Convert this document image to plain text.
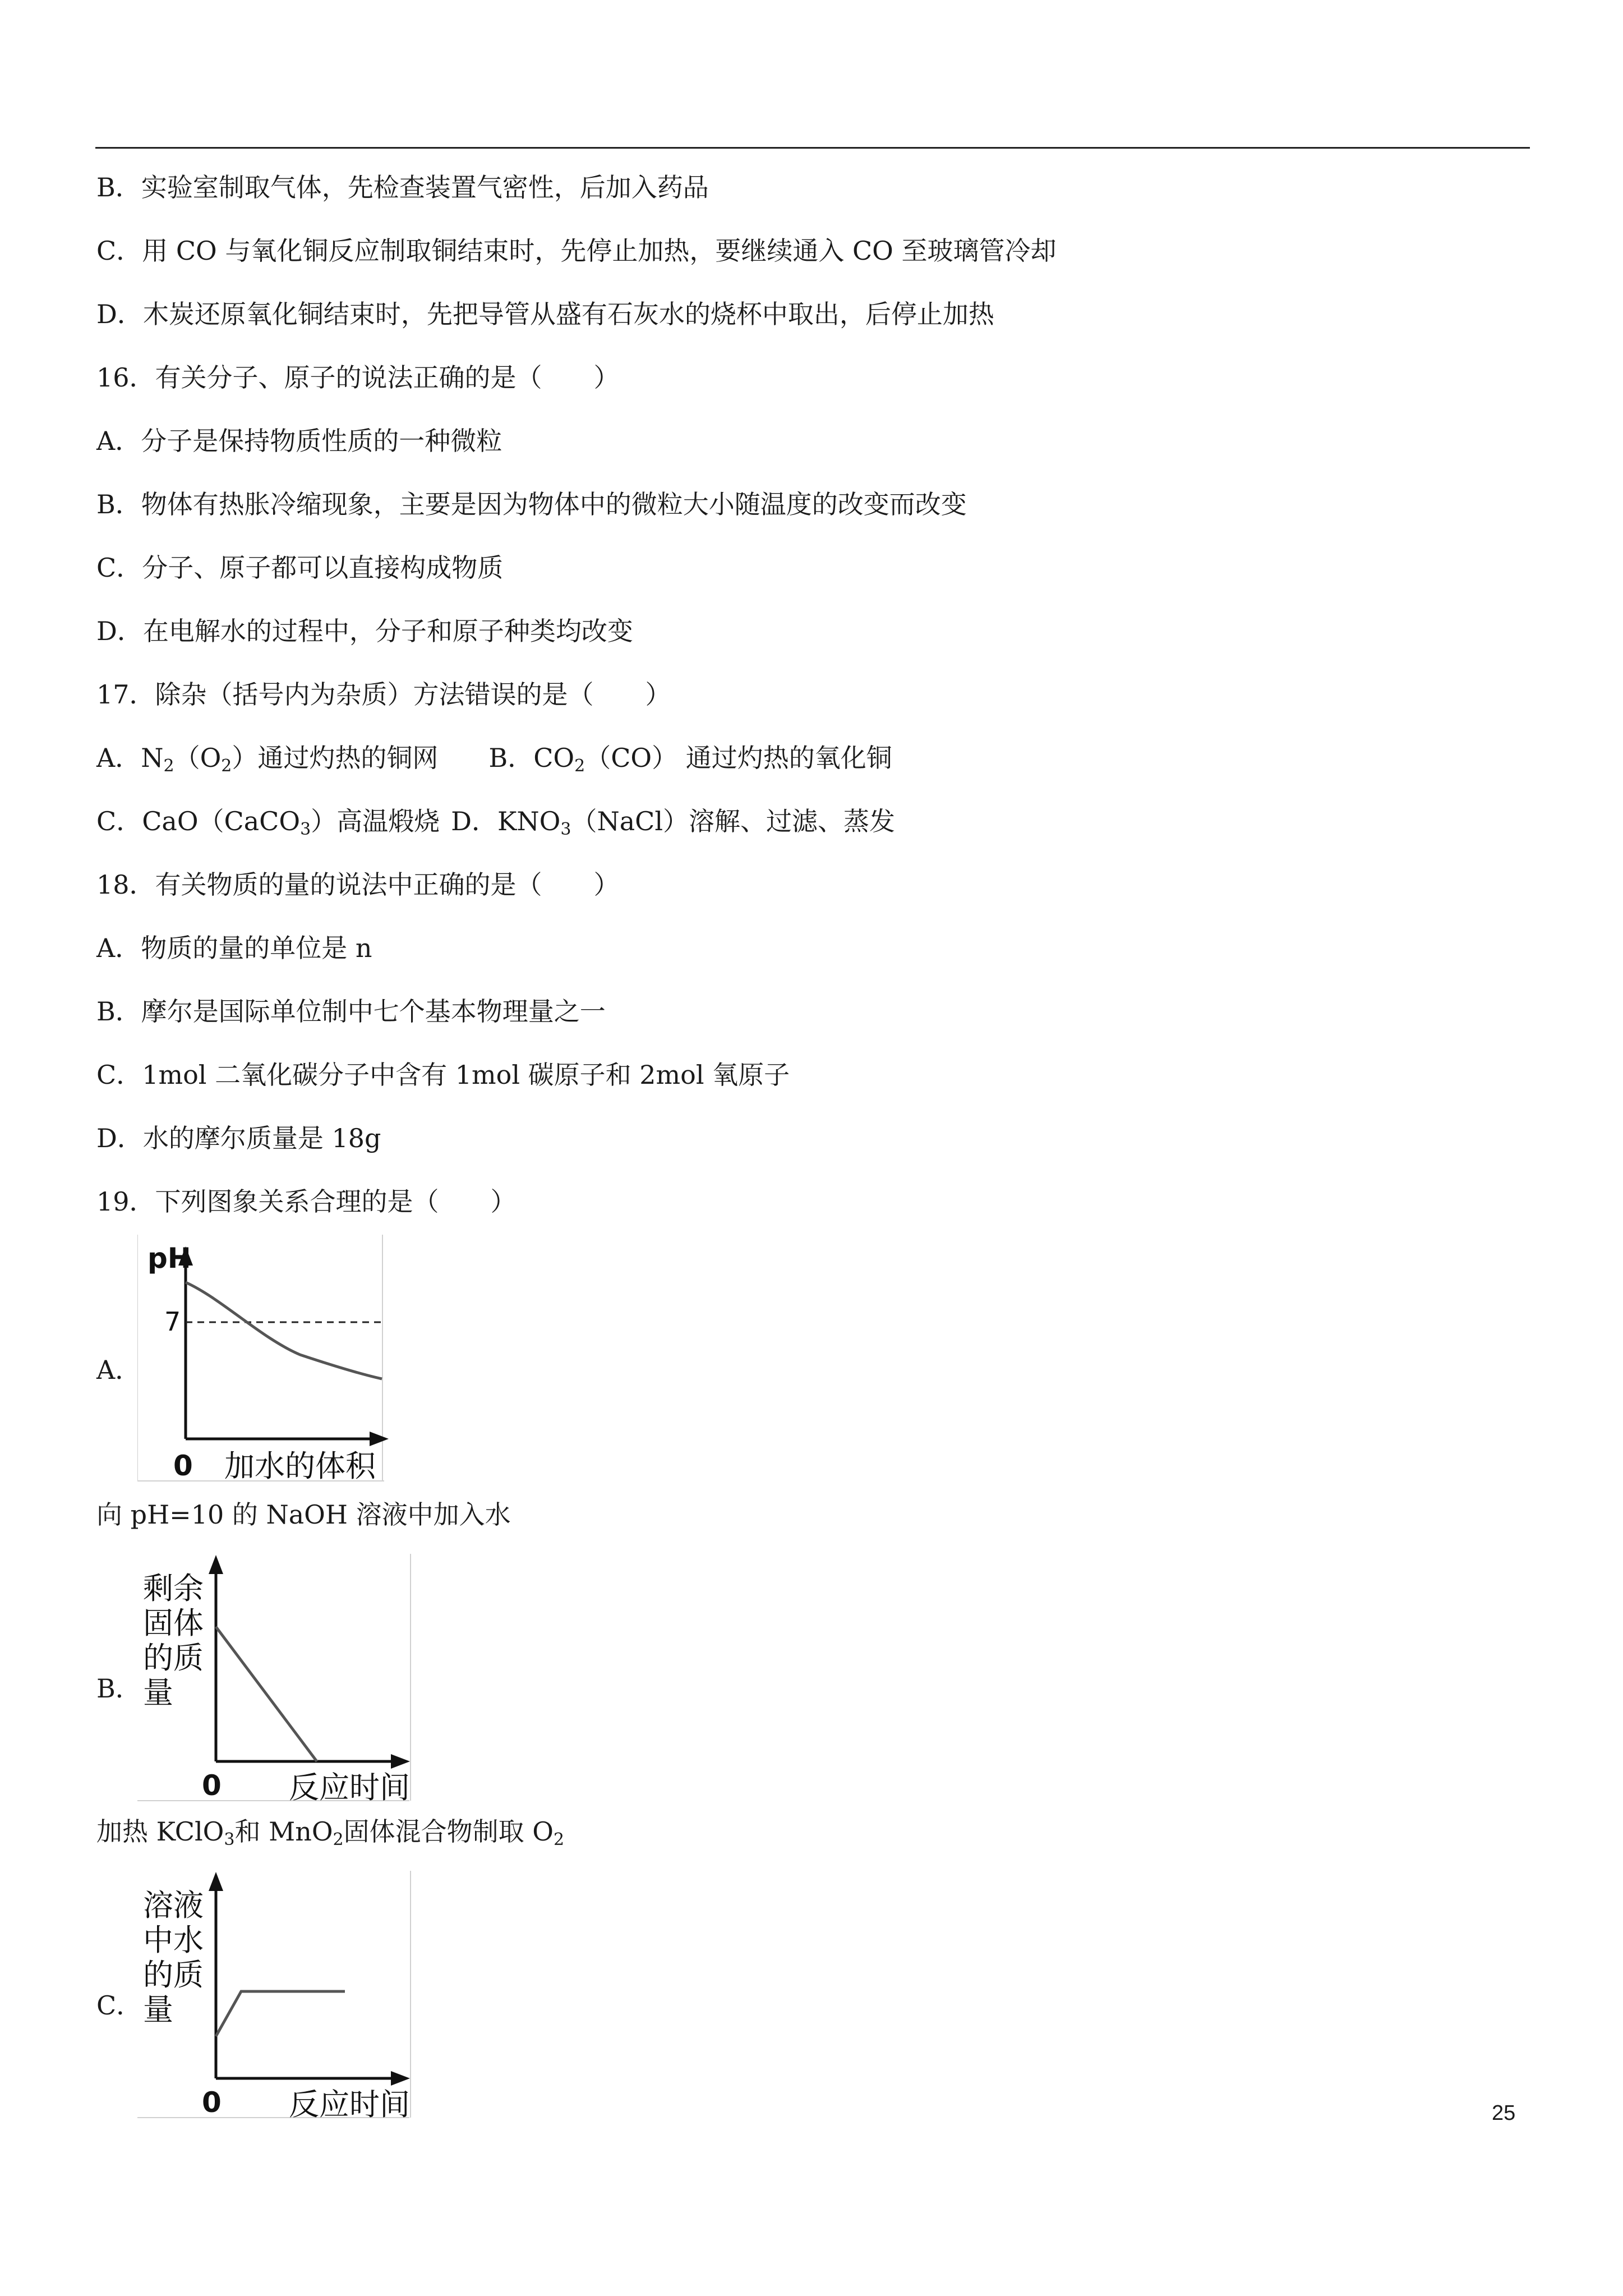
B．实验室制取气体，先检查装置气密性，后加入药品
C．用 CO 与氧化铜反应制取铜结束时，先停止加热，要继续通入 CO 至玻璃管冷却
D．木炭还原氧化铜结束时，先把导管从盛有石灰水的烧杯中取出，后停止加热
16．有关分子、原子的说法正确的是（　　）
A．分子是保持物质性质的一种微粒
B．物体有热胀冷缩现象，主要是因为物体中的微粒大小随温度的改变而改变
C．分子、原子都可以直接构成物质
D．在电解水的过程中，分子和原子种类均改变
17．除杂（括号内为杂质）方法错误的是（　　）
A．$N_2(O_2)$通过灼热的铜网 B．$CO_2(CO)$ 通过灼热的氧化铜
C．CaO（CaCO$_3$）高温煅烧 D．$KNO_3(NaCl)$溶解、过滤、蒸发
18．有关物质的量的说法中正确的是（　　）
A．物质的量的单位是 n
B．摩尔是国际单位制中七个基本物理量之一
C．1mol 二氧化碳分子中含有 1mol 碳原子和 2mol 氧原子
D．水的摩尔质量是 18g
19．下列图象关系合理的是（　　）
A．
pH
7
0 加水的体积
向 pH=10 的 NaOH 溶液中加入水
B．
剩余
固体
的质
量
0 反应时间
加热 KClO$_3$和 MnO$_2$固体混合物制取 $O_2$
C．
溶液
中水
的质
量
0 反应时间	25
